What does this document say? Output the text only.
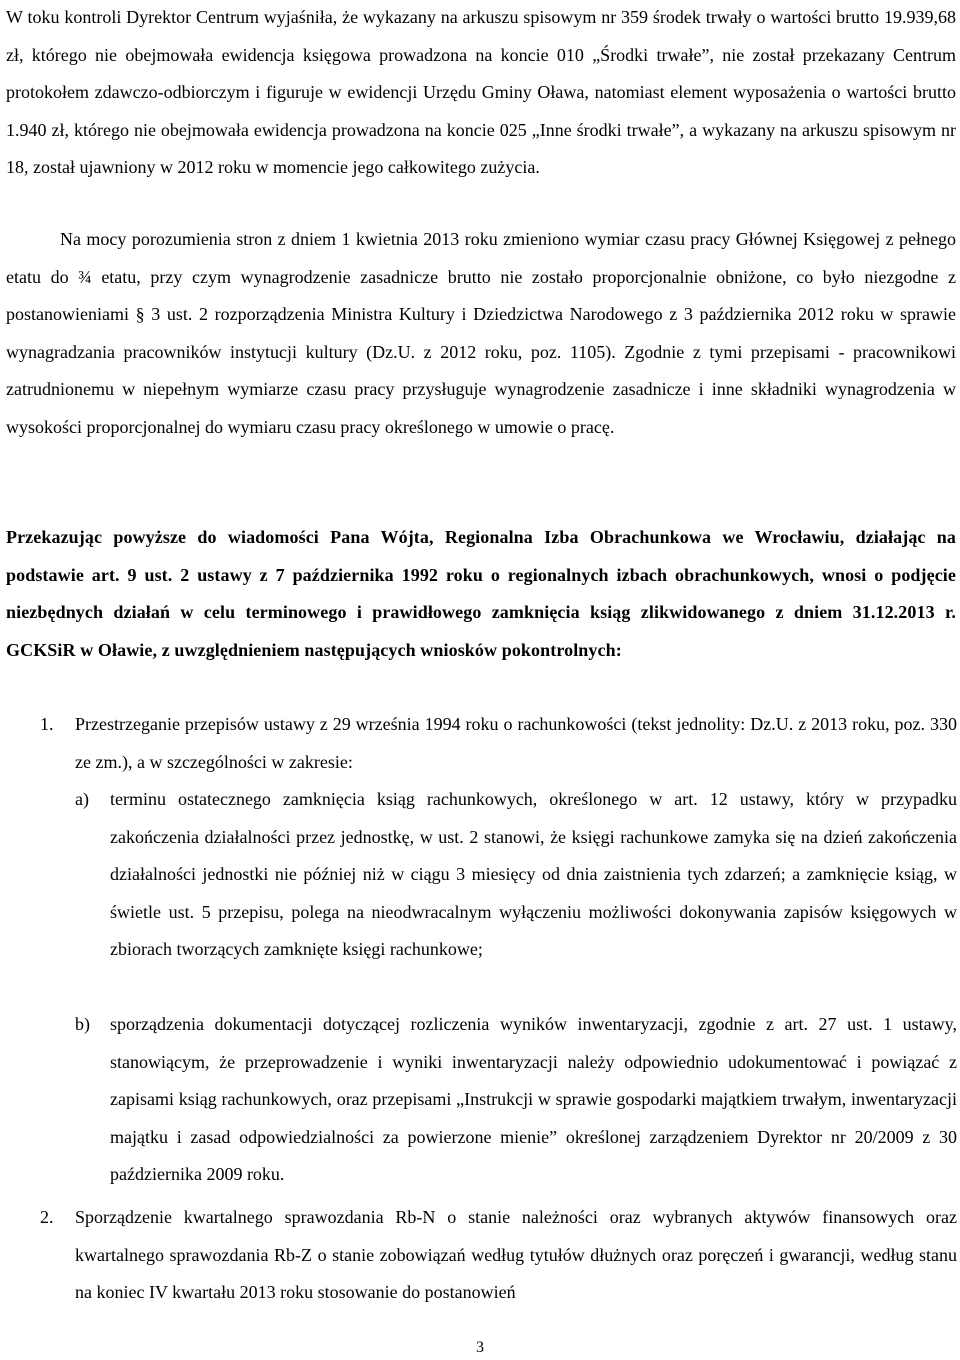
W toku kontroli Dyrektor Centrum wyjaśniła, że wykazany na arkuszu spisowym nr 359 środek trwały o wartości brutto 19.939,68 zł, którego nie obejmowała ewidencja księgowa prowadzona na koncie 010 „Środki trwałe”, nie został przekazany Centrum protokołem zdawczo-odbiorczym i figuruje w ewidencji Urzędu Gminy Oława, natomiast element wyposażenia o wartości brutto 1.940 zł, którego nie obejmowała ewidencja prowadzona na koncie 025 „Inne środki trwałe”, a wykazany na arkuszu spisowym nr 18, został ujawniony w 2012 roku w momencie jego całkowitego zużycia.

Na mocy porozumienia stron z dniem 1 kwietnia 2013 roku zmieniono wymiar czasu pracy Głównej Księgowej z pełnego etatu do ¾ etatu, przy czym wynagrodzenie zasadnicze brutto nie zostało proporcjonalnie obniżone, co było niezgodne z postanowieniami § 3 ust. 2 rozporządzenia Ministra Kultury i Dziedzictwa Narodowego z 3 października 2012 roku w sprawie wynagradzania pracowników instytucji kultury (Dz.U. z 2012 roku, poz. 1105). Zgodnie z tymi przepisami - pracownikowi zatrudnionemu w niepełnym wymiarze czasu pracy przysługuje wynagrodzenie zasadnicze i inne składniki wynagrodzenia w wysokości proporcjonalnej do wymiaru czasu pracy określonego w umowie o pracę.

Przekazując powyższe do wiadomości Pana Wójta, Regionalna Izba Obrachunkowa we Wrocławiu, działając na podstawie art. 9 ust. 2 ustawy z 7 października 1992 roku o regionalnych izbach obrachunkowych, wnosi o podjęcie niezbędnych działań w celu terminowego i prawidłowego zamknięcia ksiąg zlikwidowanego z dniem 31.12.2013 r. GCKSiR w Oławie, z uwzględnieniem następujących wniosków pokontrolnych:

1. Przestrzeganie przepisów ustawy z 29 września 1994 roku o rachunkowości (tekst jednolity: Dz.U. z 2013 roku, poz. 330 ze zm.), a w szczególności w zakresie:

a) terminu ostatecznego zamknięcia ksiąg rachunkowych, określonego w art. 12 ustawy, który w przypadku zakończenia działalności przez jednostkę, w ust. 2 stanowi, że księgi rachunkowe zamyka się na dzień zakończenia działalności jednostki nie później niż w ciągu 3 miesięcy od dnia zaistnienia tych zdarzeń; a zamknięcie ksiąg, w świetle ust. 5 przepisu, polega na nieodwracalnym wyłączeniu możliwości dokonywania zapisów księgowych w zbiorach tworzących zamknięte księgi rachunkowe;

b) sporządzenia dokumentacji dotyczącej rozliczenia wyników inwentaryzacji, zgodnie z art. 27 ust. 1 ustawy, stanowiącym, że przeprowadzenie i wyniki inwentaryzacji należy odpowiednio udokumentować i powiązać z zapisami ksiąg rachunkowych, oraz przepisami „Instrukcji w sprawie gospodarki majątkiem trwałym, inwentaryzacji majątku i zasad odpowiedzialności za powierzone mienie” określonej zarządzeniem Dyrektor nr 20/2009 z 30 października 2009 roku.

2. Sporządzenie kwartalnego sprawozdania Rb-N o stanie należności oraz wybranych aktywów finansowych oraz kwartalnego sprawozdania Rb-Z o stanie zobowiązań według tytułów dłużnych oraz poręczeń i gwarancji, według stanu na koniec IV kwartału 2013 roku stosowanie do postanowień

3
